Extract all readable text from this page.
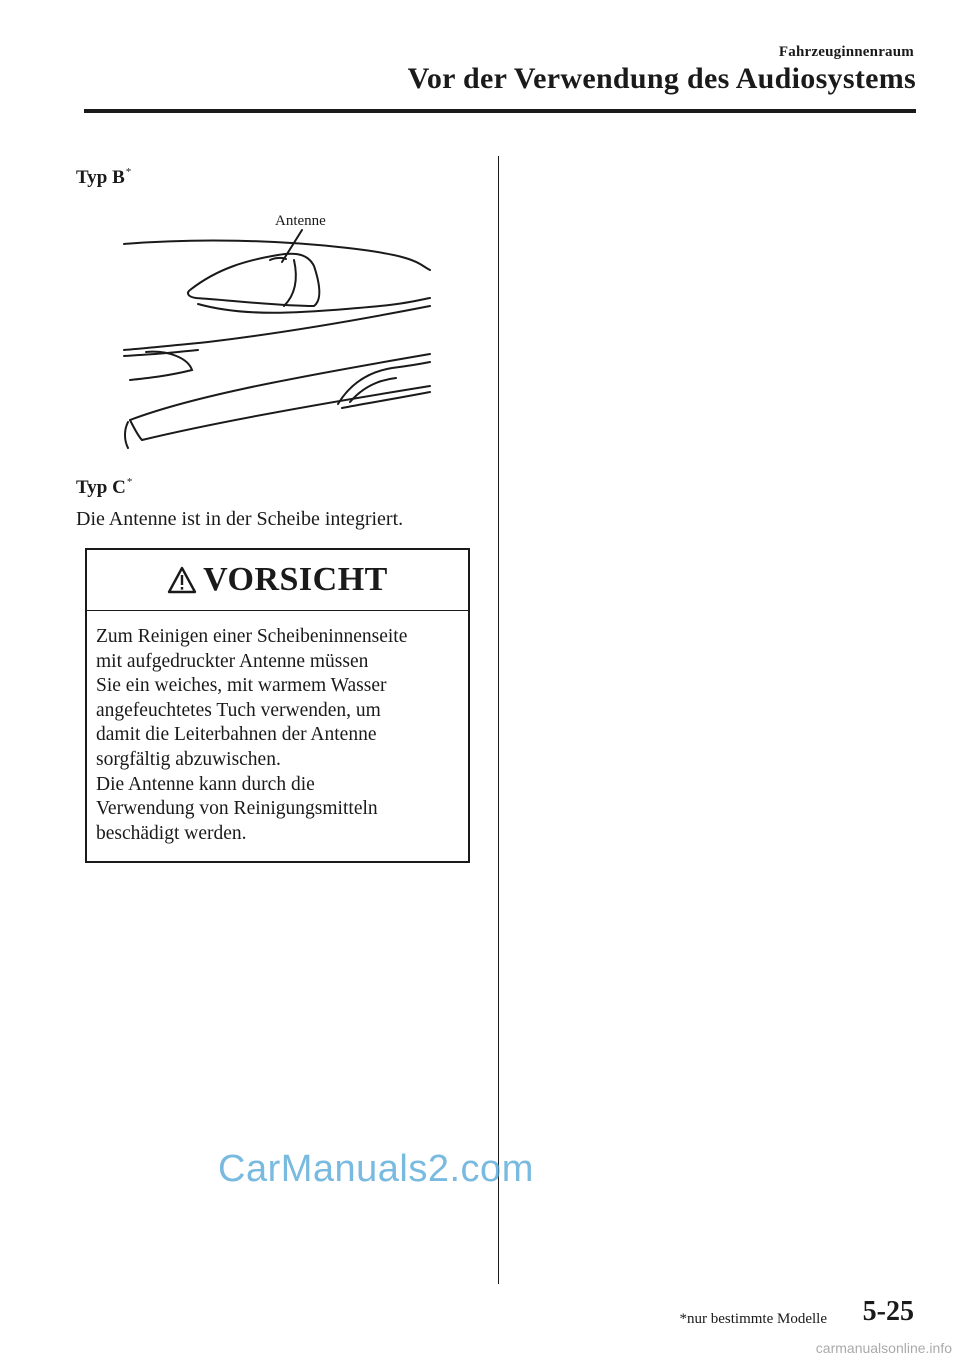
Fahrzeuginnenraum
Vor der Verwendung des Audiosystems
Typ B*
Antenne
Typ C*
Die Antenne ist in der Scheibe integriert.
VORSICHT
Zum Reinigen einer Scheibeninnenseite
mit aufgedruckter Antenne müssen
Sie ein weiches, mit warmem Wasser
angefeuchtetes Tuch verwenden, um
damit die Leiterbahnen der Antenne
sorgfältig abzuwischen.
Die Antenne kann durch die
Verwendung von Reinigungsmitteln
beschädigt werden.
CarManuals2.com
*nur bestimmte Modelle 5-25
carmanualsonline.info
